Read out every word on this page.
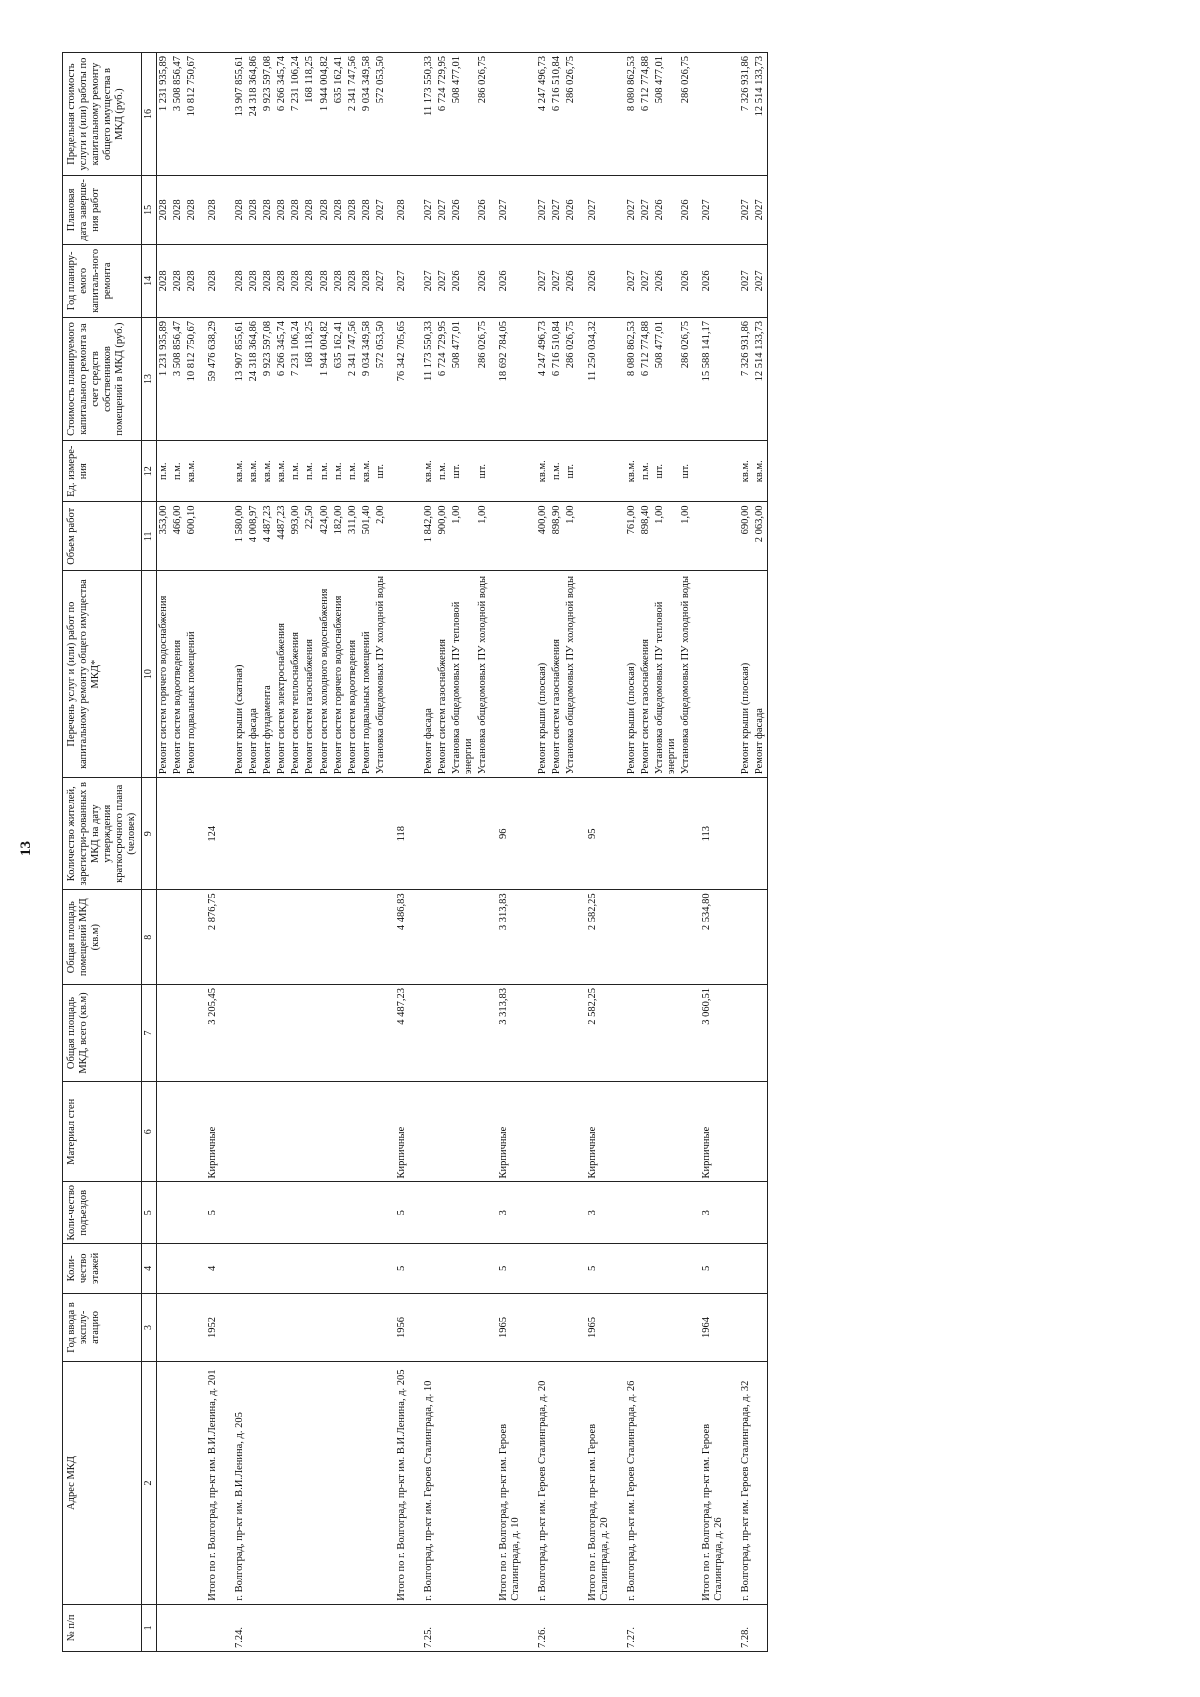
13
№ п/п	Адрес МКД	Год ввода в эксплу-атацию	Коли-чество этажей	Коли-чество подъездов	Материал стен	Общая площадь МКД, всего (кв.м)	Общая площадь помещений МКД (кв.м)	Количество жителей, зарегистри-рованных в МКД на дату утверждения краткосрочного плана (человек)	Перечень услуг и (или) работ по капитальному ремонту общего имущества МКД*	Объем работ	Ед. измере-ния	Стоимость планируемого капитального ремонта за счет средств собственников помещений в МКД (руб.)	Год планиру-емого капиталь-ного ремонта	Плановая дата заверше-ния работ	Предельная стоимость услуги и (или) работы по капитальному ремонту общего имущества в МКД (руб.)
1	2	3	4	5	6	7	8	9	10	11	12	13	14	15	16
									Ремонт систем горячего водоснабжения	353,00	п.м.	1 231 935,89	2028	2028	1 231 935,89
									Ремонт систем водоотведения	466,00	п.м.	3 508 856,47	2028	2028	3 508 856,47
									Ремонт подвальных помещений	600,10	кв.м.	10 812 750,67	2028	2028	10 812 750,67
	Итого по г. Волгоград, пр-кт им. В.И.Ленина, д. 201	1952	4	5	Кирпичные	3 205,45	2 876,75	124				59 476 638,29	2028	2028	
7.24.	г. Волгоград, пр-кт им. В.И.Ленина, д. 205								Ремонт крыши (скатная)	1 580,00	кв.м.	13 907 855,61	2028	2028	13 907 855,61
									Ремонт фасада	4 008,97	кв.м.	24 318 364,86	2028	2028	24 318 364,86
									Ремонт фундамента	4 487,23	кв.м.	9 923 597,08	2028	2028	9 923 597,08
									Ремонт систем электроснабжения	4487,23	кв.м.	6 266 345,74	2028	2028	6 266 345,74
									Ремонт систем теплоснабжения	993,00	п.м.	7 231 106,24	2028	2028	7 231 106,24
									Ремонт систем газоснабжения	22,50	п.м.	168 118,25	2028	2028	168 118,25
									Ремонт систем холодного водоснабжения	424,00	п.м.	1 944 004,82	2028	2028	1 944 004,82
									Ремонт систем горячего водоснабжения	182,00	п.м.	635 162,41	2028	2028	635 162,41
									Ремонт систем водоотведения	311,00	п.м.	2 341 747,56	2028	2028	2 341 747,56
									Ремонт подвальных помещений	501,40	кв.м.	9 034 349,58	2028	2028	9 034 349,58
									Установка общедомовых ПУ холодной воды	2,00	шт.	572 053,50	2027	2027	572 053,50
	Итого по г. Волгоград, пр-кт им. В.И.Ленина, д. 205	1956	5	5	Кирпичные	4 487,23	4 486,83	118				76 342 705,65	2027	2028	
7.25.	г. Волгоград, пр-кт им. Героев Сталинграда, д. 10								Ремонт фасада	1 842,00	кв.м.	11 173 550,33	2027	2027	11 173 550,33
									Ремонт систем газоснабжения	900,00	п.м.	6 724 729,95	2027	2027	6 724 729,95
									Установка общедомовых ПУ тепловой энергии	1,00	шт.	508 477,01	2026	2026	508 477,01
									Установка общедомовых ПУ холодной воды	1,00	шт.	286 026,75	2026	2026	286 026,75
	Итого по г. Волгоград, пр-кт им. Героев Сталинграда, д. 10	1965	5	3	Кирпичные	3 313,83	3 313,83	96				18 692 784,05	2026	2027	
7.26.	г. Волгоград, пр-кт им. Героев Сталинграда, д. 20								Ремонт крыши (плоская)	400,00	кв.м.	4 247 496,73	2027	2027	4 247 496,73
									Ремонт систем газоснабжения	898,90	п.м.	6 716 510,84	2027	2027	6 716 510,84
									Установка общедомовых ПУ холодной воды	1,00	шт.	286 026,75	2026	2026	286 026,75
	Итого по г. Волгоград, пр-кт им. Героев Сталинграда, д. 20	1965	5	3	Кирпичные	2 582,25	2 582,25	95				11 250 034,32	2026	2027	
7.27.	г. Волгоград, пр-кт им. Героев Сталинграда, д. 26								Ремонт крыши (плоская)	761,00	кв.м.	8 080 862,53	2027	2027	8 080 862,53
									Ремонт систем газоснабжения	898,40	п.м.	6 712 774,88	2027	2027	6 712 774,88
									Установка общедомовых ПУ тепловой энергии	1,00	шт.	508 477,01	2026	2026	508 477,01
									Установка общедомовых ПУ холодной воды	1,00	шт.	286 026,75	2026	2026	286 026,75
	Итого по г. Волгоград, пр-кт им. Героев Сталинграда, д. 26	1964	5	3	Кирпичные	3 060,51	2 534,80	113				15 588 141,17	2026	2027	
7.28.	г. Волгоград, пр-кт им. Героев Сталинграда, д. 32								Ремонт крыши (плоская)	690,00	кв.м.	7 326 931,86	2027	2027	7 326 931,86
									Ремонт фасада	2 063,00	кв.м.	12 514 133,73	2027	2027	12 514 133,73
